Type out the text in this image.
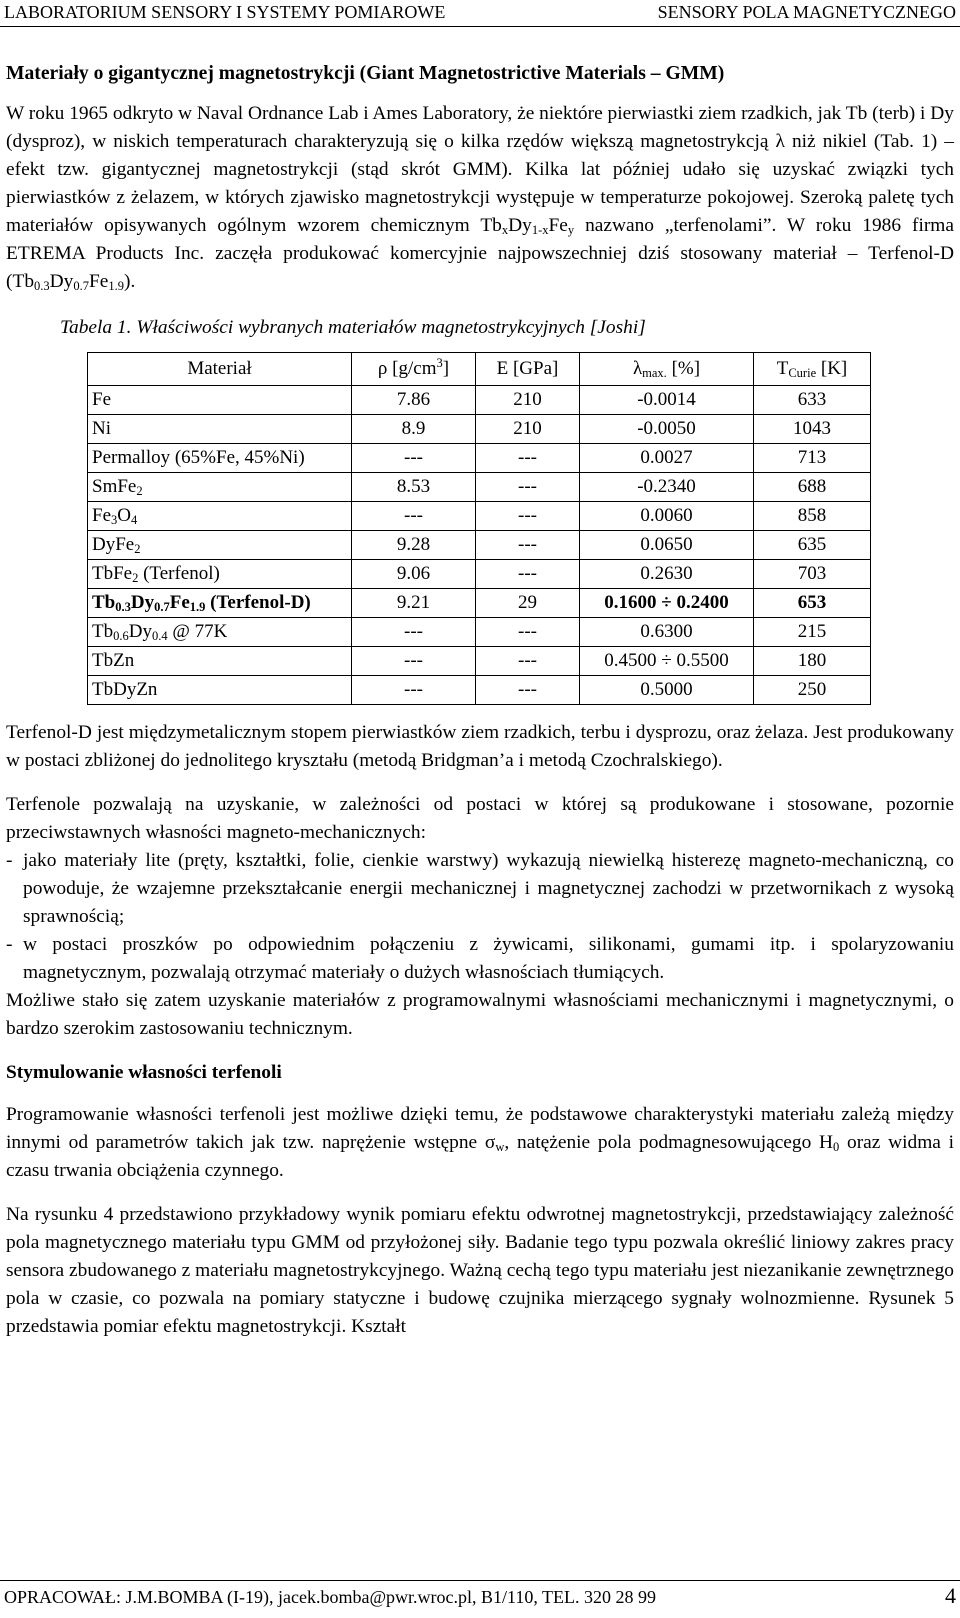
LABORATORIUM SENSORY I SYSTEMY POMIAROWE	SENSORY POLA MAGNETYCZNEGO

Materiały o gigantycznej magnetostrykcji (Giant Magnetostrictive Materials – GMM)

W roku 1965 odkryto w Naval Ordnance Lab i Ames Laboratory, że niektóre pierwiastki ziem rzadkich, jak Tb (terb) i Dy (dysproz), w niskich temperaturach charakteryzują się o kilka rzędów większą magnetostrykcją λ niż nikiel (Tab. 1) – efekt tzw. gigantycznej magnetostrykcji (stąd skrót GMM). Kilka lat później udało się uzyskać związki tych pierwiastków z żelazem, w których zjawisko magnetostrykcji występuje w temperaturze pokojowej. Szeroką paletę tych materiałów opisywanych ogólnym wzorem chemicznym $Tb_xDy_{1-x}Fe_y$ nazwano „terfenolami”. W roku 1986 firma ETREMA Products Inc. zaczęła produkować komercyjnie najpowszechniej dziś stosowany materiał – Terfenol-D $(Tb_{0.3}Dy_{0.7}Fe_{1.9})$.

Tabela 1. Właściwości wybranych materiałów magnetostrykcyjnych [Joshi]

Materiał	ρ $[g/cm^3]$	E [GPa]	$\lambda_{max.}$ [%]	$T_{Curie}$ [K]
Fe	7.86	210	-0.0014	633
Ni	8.9	210	-0.0050	1043
Permalloy (65%Fe, 45%Ni)	---	---	0.0027	713
SmFe$_2$	8.53	---	-0.2340	688
$Fe_3O_4$	---	---	0.0060	858
DyFe$_2$	9.28	---	0.0650	635
TbFe$_2$ (Terfenol)	9.06	---	0.2630	703
$Tb_{0.3}Dy_{0.7}Fe_{1.9}$ (Terfenol-D)	9.21	29	0.1600 ÷ 0.2400	653
$Tb_{0.6}Dy_{0.4}$ @ 77K	---	---	0.6300	215
TbZn	---	---	0.4500 ÷ 0.5500	180
TbDyZn	---	---	0.5000	250

Terfenol-D jest międzymetalicznym stopem pierwiastków ziem rzadkich, terbu i dysprozu, oraz żelaza. Jest produkowany w postaci zbliżonej do jednolitego kryształu (metodą Bridgman’a i metodą Czochralskiego).

Terfenole pozwalają na uzyskanie, w zależności od postaci w której są produkowane i stosowane, pozornie przeciwstawnych własności magneto-mechanicznych:

- jako materiały lite (pręty, kształtki, folie, cienkie warstwy) wykazują niewielką histerezę magneto-mechaniczną, co powoduje, że wzajemne przekształcanie energii mechanicznej i magnetycznej zachodzi w przetwornikach z wysoką sprawnością;
- w postaci proszków po odpowiednim połączeniu z żywicami, silikonami, gumami itp. i spolaryzowaniu magnetycznym, pozwalają otrzymać materiały o dużych własnościach tłumiących.

Możliwe stało się zatem uzyskanie materiałów z programowalnymi własnościami mechanicznymi i magnetycznymi, o bardzo szerokim zastosowaniu technicznym.

Stymulowanie własności terfenoli

Programowanie własności terfenoli jest możliwe dzięki temu, że podstawowe charakterystyki materiału zależą między innymi od parametrów takich jak tzw. naprężenie wstępne $\sigma_w$, natężenie pola podmagnesowującego $H_0$ oraz widma i czasu trwania obciążenia czynnego.

Na rysunku 4 przedstawiono przykładowy wynik pomiaru efektu odwrotnej magnetostrykcji, przedstawiający zależność pola magnetycznego materiału typu GMM od przyłożonej siły. Badanie tego typu pozwala określić liniowy zakres pracy sensora zbudowanego z materiału magnetostrykcyjnego. Ważną cechą tego typu materiału jest niezanikanie zewnętrznego pola w czasie, co pozwala na pomiary statyczne i budowę czujnika mierzącego sygnały wolnozmienne. Rysunek 5 przedstawia pomiar efektu magnetostrykcji. Kształt

OPRACOWAŁ: J.M.BOMBA (I-19), jacek.bomba@pwr.wroc.pl, B1/110, TEL. 320 28 99	4
